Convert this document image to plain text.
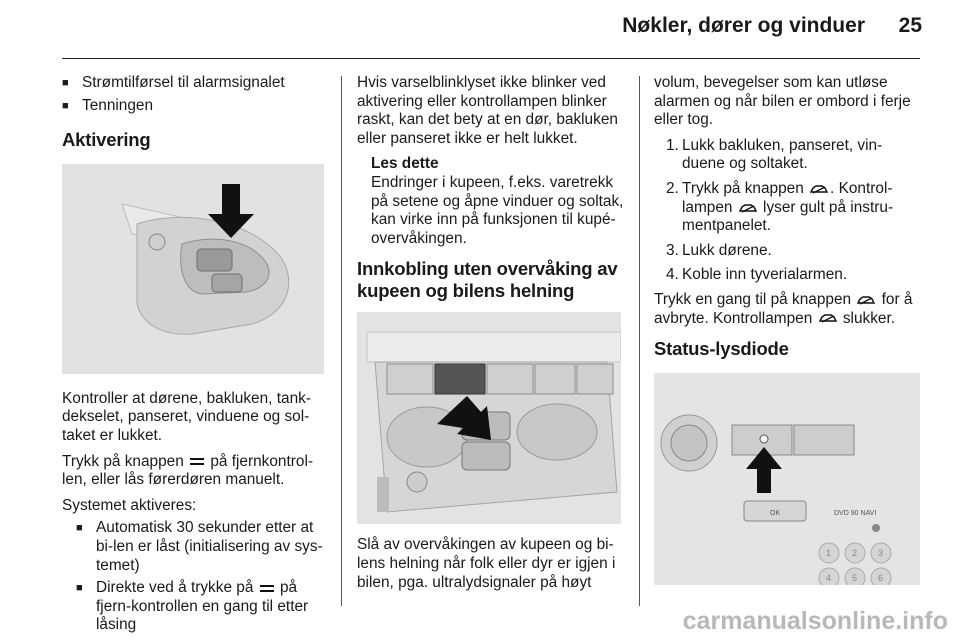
Nøkler, dører og vinduer 25
■ Strømtilførsel til alarmsignalet
■ Tenningen
Aktivering

Kontroller at dørene, bakluken, tank-dekselet, panseret, vinduene og sol-taket er lukket.

Trykk på knappen på fjernkontrol-len, eller lås førerdøren manuelt.

Systemet aktiveres:

■ Automatisk 30 sekunder etter at bi-len er låst (initialisering av sys-temet)
■ Direkte ved å trykke på på fjern-kontrollen en gang til etter låsing

Hvis varselblinklyset ikke blinker ved aktivering eller kontrollampen blinker raskt, kan det bety at en dør, bakluken eller panseret ikke er helt lukket.

Les dette
Endringer i kupeen, f.eks. varetrekk på setene og åpne vinduer og soltak, kan virke inn på funksjonen til kupé-overvåkingen.
Innkobling uten overvåking av kupeen og bilens helning

Slå av overvåkingen av kupeen og bi-lens helning når folk eller dyr er igjen i bilen, pga. ultralydsignaler på høyt

volum, bevegelser som kan utløse alarmen og når bilen er ombord i ferje eller tog.

1. Lukk bakluken, panseret, vin-duene og soltaket.
2. Trykk på knappen . Kontrol-lampen lyser gult på instru-mentpanelet.
3. Lukk dørene.
4. Koble inn tyverialarmen.

Trykk en gang til på knappen for å avbryte. Kontrollampen slukker.

Status-lysdiode
OK	DVD 90 NAVI
1 2 3
4 5 6
carmanualsonline.info
